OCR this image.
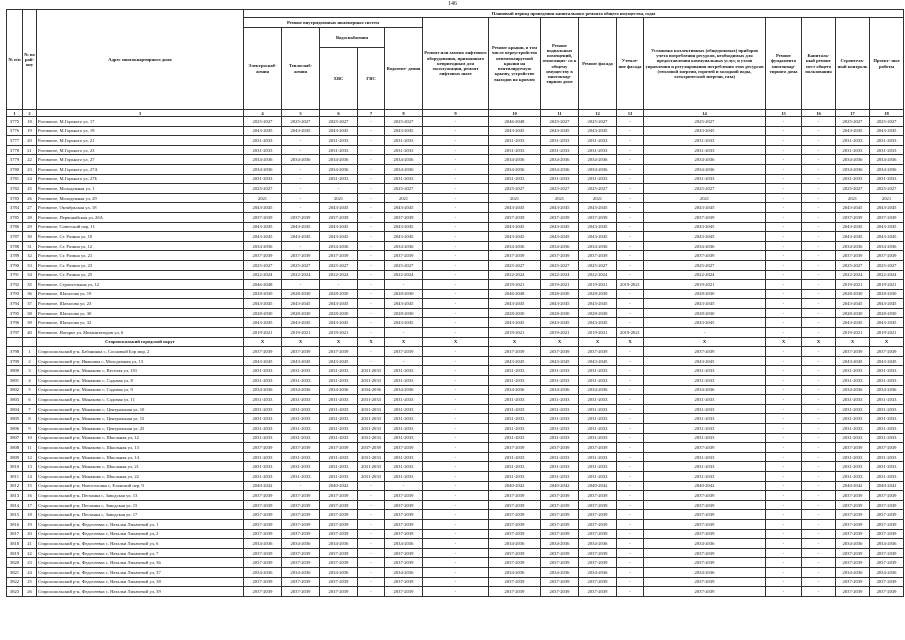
146
№ п/п	№ по рай- ону	Адрес многоквартирного дома	Плановый период проведения капитального ремонта общего имущества, годы														
			Ремонт внутридомовых инженерных систем					Ремонт или замена лифтового оборудования, признанного непригодным для эксплуатации, ремонт лифтовых шахт	Ремонт крыши, в том числе переустройство невентилируемой крыши на вентилируемую крышу, устройство выходов на кровлю	Ремонт подвальных помещений, относящих- ся к общему имуществу в многоквар- тирном доме	Ремонт фасада	Утепле- ние фасада	Установка коллективных (общедомовых) приборов учета потребления ресурсов, необходимых для предоставления коммунальных услуг, и узлов управления и регулирования потребления этих ресурсов (тепловой энергии, горячей и холодной воды, электрической энергии, газа)	Ремонт фундамента многоквар- тирного дома	Капиталь- ный ремонт мест общего пользования	Строитель- ный контроль	Проект- ные работы
			Электроснаб- жения	Теплоснаб- жения	Водоснабжения		Водоотве- дения										
					ХВС	ГВС											
1	2	3	4	5	6	7	8	9	10	11	12	13	14	15	16	17	18
3775	18	Роговатое, М.Горького ул, 17	2025-2027	2025-2027	2025-2027	-	2025-2027	-	2046-2048	2025-2027	2025-2027	-	2025-2027	-	-	2025-2027	2025-2027
3776	19	Роговатое, М.Горького ул, 19	2043-2045	2043-2045	2043-2045	-	2043-2045	-	2043-2045	2043-2045	2043-2045	-	2043-2045	-	-	2043-2045	2043-2045
3777	20	Роговатое, М.Горького ул, 21	2031-2033	-	2031-2033	-	2031-2033	-	2031-2033	2031-2033	2031-2033	-	2031-2033	-	-	2031-2033	2031-2033
3778	21	Роговатое, М.Горького ул, 23	2031-2033	-	2031-2033	-	2031-2033	-	2031-2033	2031-2033	2031-2033	-	2031-2033	-	-	2031-2033	2031-2033
3779	22	Роговатое, М.Горького ул, 27	2034-2036	2034-2036	2034-2036	-	2034-2036	-	2034-2036	2034-2036	2034-2036	-	2034-2036	-	-	2034-2036	2034-2036
3780	23	Роговатое, М.Горького ул, 27А	2034-2036	-	2034-2036	-	2034-2036	-	2034-2036	2034-2036	2034-2036	-	2034-2036	-	-	2034-2036	2034-2036
3781	24	Роговатое, М.Горького ул, 27Б	2031-2033	-	2031-2033	-	2031-2033	-	2031-2033	2031-2033	2031-2033	-	2031-2033	-	-	2031-2033	2031-2033
3782	25	Роговатое, Молодежная ул, 1	2025-2027	-	-	-	2025-2027	-	2025-2027	2025-2027	2025-2027	-	2025-2027	-	-	2025-2027	2025-2027
3783	26	Роговатое, Молодежная ул, 29	2021	-	2021	-	2021	-	2021	2021	2021	-	2021	-	-	2021	2021
3784	27	Роговатое, Октябрьская ул, 18	2043-2045	-	2043-2045	-	2043-2045	-	2043-2045	2043-2045	2043-2045	-	2043-2045	-	-	2043-2045	2043-2045
3785	28	Роговатое, Первомайская ул, 26А	2037-2039	2037-2039	2037-2039	-	2037-2039	-	2037-2039	2037-2039	2037-2039	-	2037-2039	-	-	2037-2039	2037-2039
3786	29	Роговатое, Советский пер, 11	2043-2045	2043-2045	2043-2045	-	2043-2045	-	2043-2045	2043-2045	2043-2045	-	2043-2045	-	-	2043-2045	2043-2045
3787	30	Роговатое, Ст. Разина ул, 10	2043-2045	2043-2045	2043-2045	-	2043-2045	-	2043-2045	2043-2045	2043-2045	-	2043-2045	-	-	2043-2045	2043-2045
3788	31	Роговатое, Ст. Разина ул, 12	2034-2036	-	2034-2036	-	2034-2036	-	2034-2036	2034-2036	2034-2036	-	2034-2036	-	-	2034-2036	2034-2036
3789	32	Роговатое, Ст. Разина ул, 21	2037-2039	2037-2039	2037-2039	-	2037-2039	-	2037-2039	2037-2039	2037-2039	-	2037-2039	-	-	2037-2039	2037-2039
3790	33	Роговатое, Ст. Разина ул, 23	2025-2027	2025-2027	2025-2027	-	2025-2027	-	2025-2027	2025-2027	2025-2027	-	2025-2027	-	-	2025-2027	2025-2027
3791	34	Роговатое, Ст. Разина ул, 25	2022-2024	2022-2024	2022-2024	-	2022-2024	-	2022-2024	2022-2024	2022-2024	-	2022-2024	-	-	2022-2024	2022-2024
3792	35	Роговатое, Строительная ул, 12	2046-2048	-	-	-	-	-	2019-2021	2019-2021	2019-2021	2019-2021	2019-2021	-	-	2019-2021	2019-2021
3793	36	Роговатое, Шаталова ул, 19	2028-2030	2028-2030	2028-2030	-	2028-2030	-	2046-2048	2028-2030	2028-2030	-	2028-2030	-	-	2028-2030	2028-2030
3794	37	Роговатое, Шаталова ул, 23	2043-2045	2043-2045	2043-2045	-	2043-2045	-	2043-2045	2043-2045	2043-2045	-	2043-2045	-	-	2043-2045	2043-2045
3795	38	Роговатое, Шаталова ул, 30	2028-2030	2028-2030	2028-2030	-	2028-2030	-	2028-2030	2028-2030	2028-2030	-	2028-2030	-	-	2028-2030	2028-2030
3796	39	Роговатое, Шаталова ул, 32	2043-2045	2043-2045	2043-2045	-	2043-2045	-	2043-2045	2043-2045	2043-2045	-	2043-2045	-	-	2043-2045	2043-2045
3797	40	Роговатое, Нагорье ул, Механизаторов ул, 6	2019-2021	2019-2021	2019-2021	-	-	-	2019-2021	2019-2021	2019-2021	2019-2021	-	-	-	2019-2021	2019-2021
		Староосколький городской округ	X	X	X	X	X	X	X	X	X	X	X	X	X	X	X
3798	1	Старооскольский р-н, Бабанинка с, Сосновый Бор мкр, 2	2037-2039	2037-2039	2037-2039	-	2037-2039	-	2037-2039	2037-2039	2037-2039	-	2037-2039	-	-	2037-2039	2037-2039
3799	2	Старооскольский р-н, Ивановка с, Молодежная ул, 13	2043-2045	2043-2045	2043-2045	-	-	-	2043-2045	2043-2045	2043-2045	-	2043-2045	-	-	2043-2045	2043-2045
3800	3	Старооскольский р-н, Монаково с, Веселая ул, 101	2031-2033	2031-2033	2031-2033	2031-2033	2031-2033	-	2031-2033	2031-2033	2031-2033	-	2031-2033	-	-	2031-2033	2031-2033
3801	4	Старооскольский р-н, Монаково с, Садовая ул, 8	2031-2033	2031-2033	2031-2033	2031-2033	2031-2033	-	2031-2033	2031-2033	2031-2033	-	2031-2033	-	-	2031-2033	2031-2033
3802	5	Старооскольский р-н, Монаково с, Садовая ул, 9	2034-2036	2034-2036	2034-2036	2034-2036	2034-2036	-	2034-2036	2034-2036	2034-2036	-	2034-2036	-	-	2034-2036	2034-2036
3803	6	Старооскольский р-н, Монаково с, Садовая ул, 11	2031-2033	2031-2033	2031-2033	2031-2033	2031-2033	-	2031-2033	2031-2033	2031-2033	-	2031-2033	-	-	2031-2033	2031-2033
3804	7	Старооскольский р-н, Монаково с, Центральная ул, 10	2031-2033	2031-2033	2031-2033	2031-2033	2031-2033	-	2031-2033	2031-2033	2031-2033	-	2031-2033	-	-	2031-2033	2031-2033
3805	8	Старооскольский р-н, Монаково с, Центральная ул, 15	2031-2033	2031-2033	2031-2033	2031-2033	2031-2033	-	2031-2033	2031-2033	2031-2033	-	2031-2033	-	-	2031-2033	2031-2033
3806	9	Старооскольский р-н, Монаково с, Центральная ул, 25	2031-2033	2031-2033	2031-2033	2031-2033	2031-2033	-	2031-2033	2031-2033	2031-2033	-	2031-2033	-	-	2031-2033	2031-2033
3807	10	Старооскольский р-н, Монаково с, Школьная ул, 12	2031-2033	2031-2033	2031-2033	2031-2033	2031-2033	-	2031-2033	2031-2033	2031-2033	-	2031-2033	-	-	2031-2033	2031-2033
3808	11	Старооскольский р-н, Монаково с, Школьная ул, 13	2037-2039	2037-2039	2037-2039	2037-2039	2037-2039	-	2037-2039	2037-2039	2037-2039	-	2037-2039	-	-	2037-2039	2037-2039
3809	12	Старооскольский р-н, Монаково с, Школьная ул, 14	2031-2033	2031-2033	2031-2033	2031-2033	2031-2033	-	2031-2033	2031-2033	2031-2033	-	2031-2033	-	-	2031-2033	2031-2033
3810	13	Старооскольский р-н, Монаково с, Школьная ул, 21	2031-2033	2031-2033	2031-2033	2031-2033	2031-2033	-	2031-2033	2031-2033	2031-2033	-	2031-2033	-	-	2031-2033	2031-2033
3811	14	Старооскольский р-н, Монаково с, Школьная ул, 22	2031-2033	2031-2033	2031-2033	2031-2033	2031-2033	-	2031-2033	2031-2033	2031-2033	-	2031-2033	-	-	2031-2033	2031-2033
3812	15	Старооскольский р-н, Новоселовка с, Еланский пер, 9	2040-2042	-	2040-2042	-	-	-	2040-2042	2040-2042	2040-2042	-	2040-2042	-	-	2040-2042	2040-2042
3813	16	Старооскольский р-н, Песчанка с, Заводская ул, 13	2037-2039	2037-2039	2037-2039	-	2037-2039	-	2037-2039	2037-2039	2037-2039	-	2037-2039	-	-	2037-2039	2037-2039
3814	17	Старооскольский р-н, Песчанка с, Заводская ул, 15	2037-2039	2037-2039	2037-2039	-	2037-2039	-	2037-2039	2037-2039	2037-2039	-	2037-2039	-	-	2037-2039	2037-2039
3815	18	Старооскольский р-н, Песчанка с, Заводская ул, 17	2037-2039	2037-2039	2037-2039	-	2037-2039	-	2037-2039	2037-2039	2037-2039	-	2037-2039	-	-	2037-2039	2037-2039
3816	19	Старооскольский р-н, Федосеевка с, Натальи Лихачевой ул, 1	2037-2039	2037-2039	2037-2039	-	2037-2039	-	2037-2039	2037-2039	2037-2039	-	2037-2039	-	-	2037-2039	2037-2039
3817	20	Старооскольский р-н, Федосеевка с, Натальи Лихачевой ул, 2	2037-2039	2037-2039	2037-2039	-	2037-2039	-	2037-2039	2037-2039	2037-2039	-	2037-2039	-	-	2037-2039	2037-2039
3818	21	Старооскольский р-н, Федосеевка с, Натальи Лихачевой ул, 6	2034-2036	2034-2036	2034-2036	-	2034-2036	-	2034-2036	2034-2036	2034-2036	-	2034-2036	-	-	2034-2036	2034-2036
3819	22	Старооскольский р-н, Федосеевка с, Натальи Лихачевой ул, 7	2037-2039	2037-2039	2037-2039	-	2037-2039	-	2037-2039	2037-2039	2037-2039	-	2037-2039	-	-	2037-2039	2037-2039
3820	23	Старооскольский р-н, Федосеевка с, Натальи Лихачевой ул, 36	2037-2039	2037-2039	2037-2039	-	2037-2039	-	2037-2039	2037-2039	2037-2039	-	2037-2039	-	-	2037-2039	2037-2039
3821	24	Старооскольский р-н, Федосеевка с, Натальи Лихачевой ул, 37	2034-2036	2034-2036	2034-2036	-	2034-2036	-	2034-2036	2034-2036	2034-2036	-	2034-2036	-	-	2034-2036	2034-2036
3822	25	Старооскольский р-н, Федосеевка с, Натальи Лихачевой ул, 38	2037-2039	2037-2039	2037-2039	-	2037-2039	-	2037-2039	2037-2039	2037-2039	-	2037-2039	-	-	2037-2039	2037-2039
3823	26	Старооскольский р-н, Федосеевка с, Натальи Лихачевой ул, 39	2037-2039	2037-2039	2037-2039	-	2037-2039	-	2037-2039	2037-2039	2037-2039	-	2037-2039	-	-	2037-2039	2037-2039
